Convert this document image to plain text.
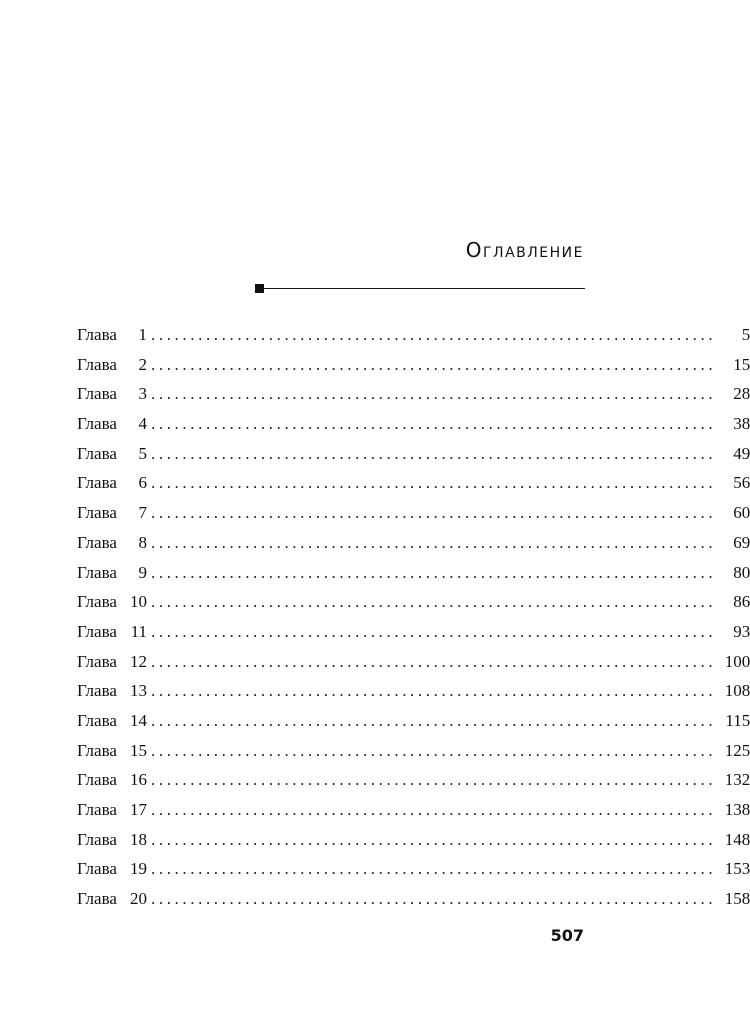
Оглавление
Глава 1 ........................................................................	5
Глава 2 ........................................................................	15
Глава 3 ........................................................................	28
Глава 4 ........................................................................	38
Глава 5 ........................................................................	49
Глава 6 ........................................................................	56
Глава 7 ........................................................................	60
Глава 8 ........................................................................	69
Глава 9 ........................................................................	80
Глава 10 ........................................................................	86
Глава 11 ........................................................................	93
Глава 12 ........................................................................ 100
Глава 13 ........................................................................ 108
Глава 14 ........................................................................ 115
Глава 15 ........................................................................ 125
Глава 16 ........................................................................ 132
Глава 17 ........................................................................ 138
Глава 18 ........................................................................ 148
Глава 19 ........................................................................ 153
Глава 20 ........................................................................ 158
507
